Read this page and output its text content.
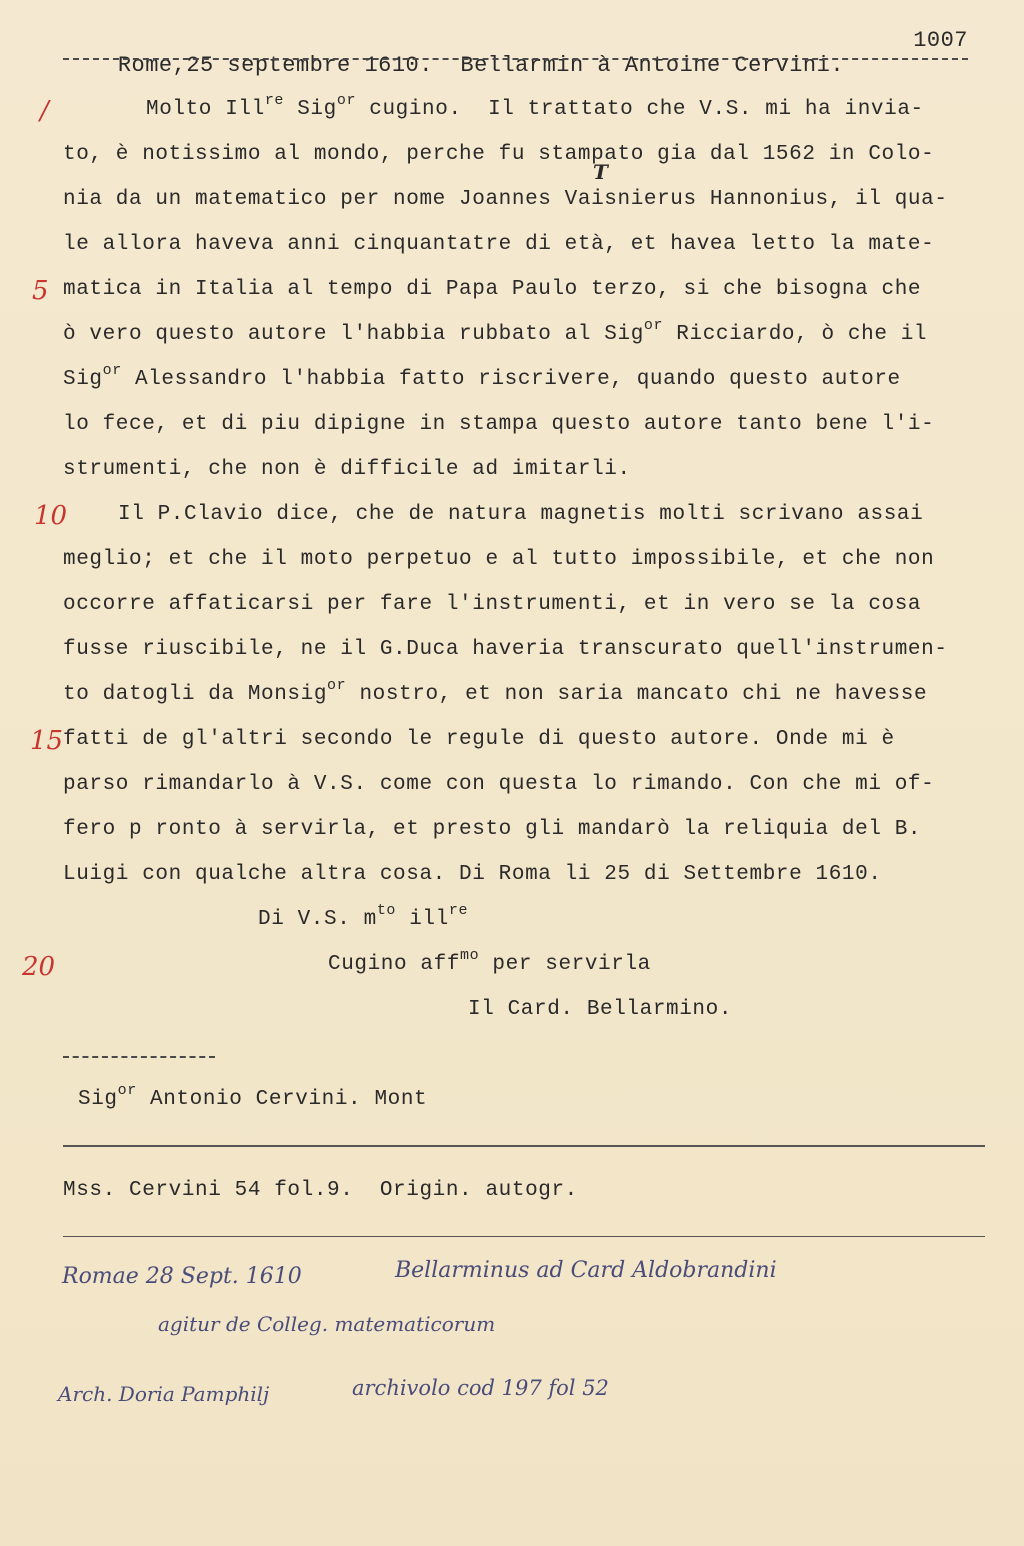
Rome,25 septembre 1610. Bellarmin à Antoine Cervini.

1007

/
5
10
15
20
T
Molto Ill$^{re}$ Sig$^{or}$ cugino.  Il trattato che V.S. mi ha invia-
to, è notissimo al mondo, perche fu stampato gia dal 1562 in Colo-
nia da un matematico per nome Joannes Vaisnierus Hannonius, il qua-
le allora haveva anni cinquantatre di età, et havea letto la mate-
matica in Italia al tempo di Papa Paulo terzo, si che bisogna che
ò vero questo autore l'habbia rubbato al Sig$^{or}$ Ricciardo, ò che il
Sig$^{or}$ Alessandro l'habbia fatto riscrivere, quando questo autore
lo fece, et di piu dipigne in stampa questo autore tanto bene l'i-
strumenti, che non è difficile ad imitarli.
Il P.Clavio dice, che de natura magnetis molti scrivano assai
meglio; et che il moto perpetuo e al tutto impossibile, et che non
occorre affaticarsi per fare l'instrumenti, et in vero se la cosa
fusse riuscibile, ne il G.Duca haveria transcurato quell'instrumen-
to datogli da Monsig$^{or}$ nostro, et non saria mancato chi ne havesse
fatti de gl'altri secondo le regule di questo autore. Onde mi è
parso rimandarlo à V.S. come con questa lo rimando. Con che mi of-
fero p ronto à servirla, et presto gli mandarò la reliquia del B.
Luigi con qualche altra cosa. Di Roma li 25 di Settembre 1610.
Di V.S. $m^{to}$ ill$^{re}$
Cugino aff$^{mo}$ per servirla
Il Card. Bellarmino.
Sig$^{or}$ Antonio Cervini. Mont
Mss. Cervini 54 fol.9.  Origin. autogr.
Romae 28 Sept. 1610	Bellarminus ad Card Aldobrandini
agitur de Colleg. matematicorum
Arch. Doria Pamphilj	archivolo cod 197 fol 52
